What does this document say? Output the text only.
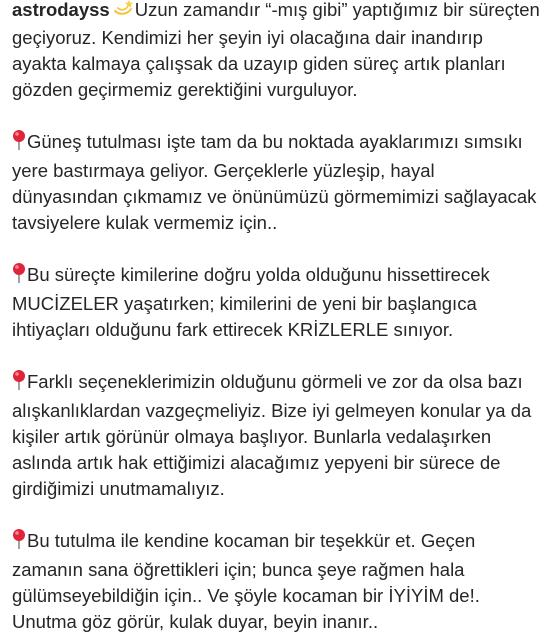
astrodayss Uzun zamandır “-mış gibi” yaptığımız bir süreçten geçiyoruz. Kendimizi her şeyin iyi olacağına dair inandırıp ayakta kalmaya çalışsak da uzayıp giden süreç artık planları gözden geçirmemiz gerektiğini vurguluyor.

Güneş tutulması işte tam da bu noktada ayaklarımızı sımsıkı yere bastırmaya geliyor. Gerçeklerle yüzleşip, hayal dünyasından çıkmamız ve önünümüzü görmemimizi sağlayacak tavsiyelere kulak vermemiz için..

Bu süreçte kimilerine doğru yolda olduğunu hissettirecek MUCİZELER yaşatırken; kimilerini de yeni bir başlangıca ihtiyaçları olduğunu fark ettirecek KRİZLERLE sınıyor.

Farklı seçeneklerimizin olduğunu görmeli ve zor da olsa bazı alışkanlıklardan vazgeçmeliyiz. Bize iyi gelmeyen konular ya da kişiler artık görünür olmaya başlıyor. Bunlarla vedalaşırken aslında artık hak ettiğimizi alacağımız yepyeni bir sürece de girdiğimizi unutmamalıyız.

Bu tutulma ile kendine kocaman bir teşekkür et. Geçen zamanın sana öğrettikleri için; bunca şeye rağmen hala gülümseyebildiğin için.. Ve şöyle kocaman bir İYİYİM de!. Unutma göz görür, kulak duyar, beyin inanır..
